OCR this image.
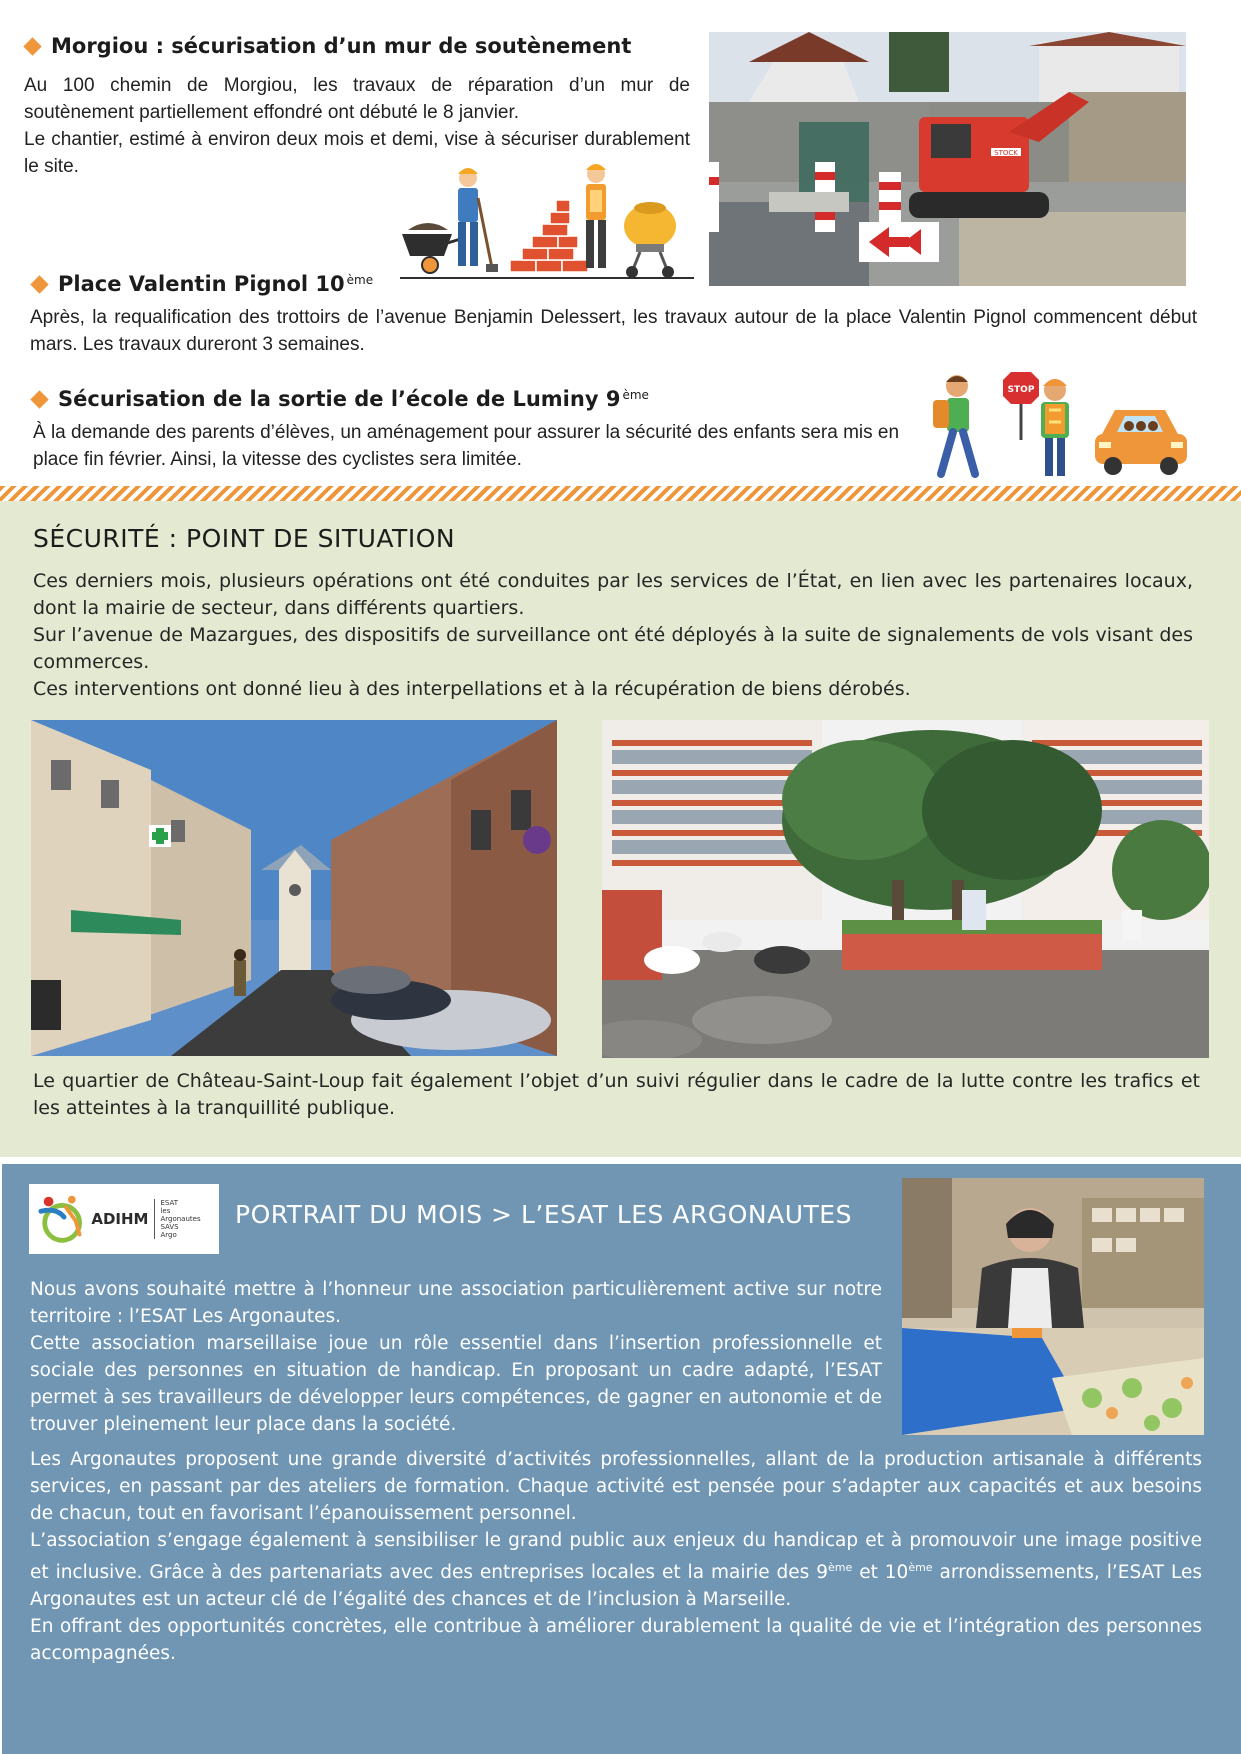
Morgiou : sécurisation d’un mur de soutènement

Au 100 chemin de Morgiou, les travaux de réparation d’un mur de soutènement partiellement effondré ont débuté le 8 janvier.

Le chantier, estimé à environ deux mois et demi, vise à sécuriser durablement le site.

STOCK
Place Valentin Pignol 10ème

Après, la requalification des trottoirs de l’avenue Benjamin Delessert, les travaux autour de la place Valentin Pignol commencent début mars. Les travaux dureront 3 semaines.

Sécurisation de la sortie de l’école de Luminy 9ème

À la demande des parents d’élèves, un aménagement pour assurer la sécurité des enfants sera mis en place fin février. Ainsi, la vitesse des cyclistes sera limitée.

STOP
SÉCURITÉ : POINT DE SITUATION

Ces derniers mois, plusieurs opérations ont été conduites par les services de l’État, en lien avec les partenaires locaux, dont la mairie de secteur, dans différents quartiers.

Sur l’avenue de Mazargues, des dispositifs de surveillance ont été déployés à la suite de signalements de vols visant des commerces.

Ces interventions ont donné lieu à des interpellations et à la récupération de biens dérobés.

Le quartier de Château-Saint-Loup fait également l’objet d’un suivi régulier dans le cadre de la lutte contre les trafics et les atteintes à la tranquillité publique.

ADIHM
ESAT
les Argonautes
SAVS
Argo
PORTRAIT DU MOIS > L’ESAT LES ARGONAUTES

Nous avons souhaité mettre à l’honneur une association particulièrement active sur notre territoire : l’ESAT Les Argonautes.

Cette association marseillaise joue un rôle essentiel dans l’insertion professionnelle et sociale des personnes en situation de handicap. En proposant un cadre adapté, l’ESAT permet à ses travailleurs de développer leurs compétences, de gagner en autonomie et de trouver pleinement leur place dans la société.

Les Argonautes proposent une grande diversité d’activités professionnelles, allant de la production artisanale à différents services, en passant par des ateliers de formation. Chaque activité est pensée pour s’adapter aux capacités et aux besoins de chacun, tout en favorisant l’épanouissement personnel.

L’association s’engage également à sensibiliser le grand public aux enjeux du handicap et à promouvoir une image positive et inclusive. Grâce à des partenariats avec des entreprises locales et la mairie des 9ème et 10ème arrondissements, l’ESAT Les Argonautes est un acteur clé de l’égalité des chances et de l’inclusion à Marseille.

En offrant des opportunités concrètes, elle contribue à améliorer durablement la qualité de vie et l’intégration des personnes accompagnées.
